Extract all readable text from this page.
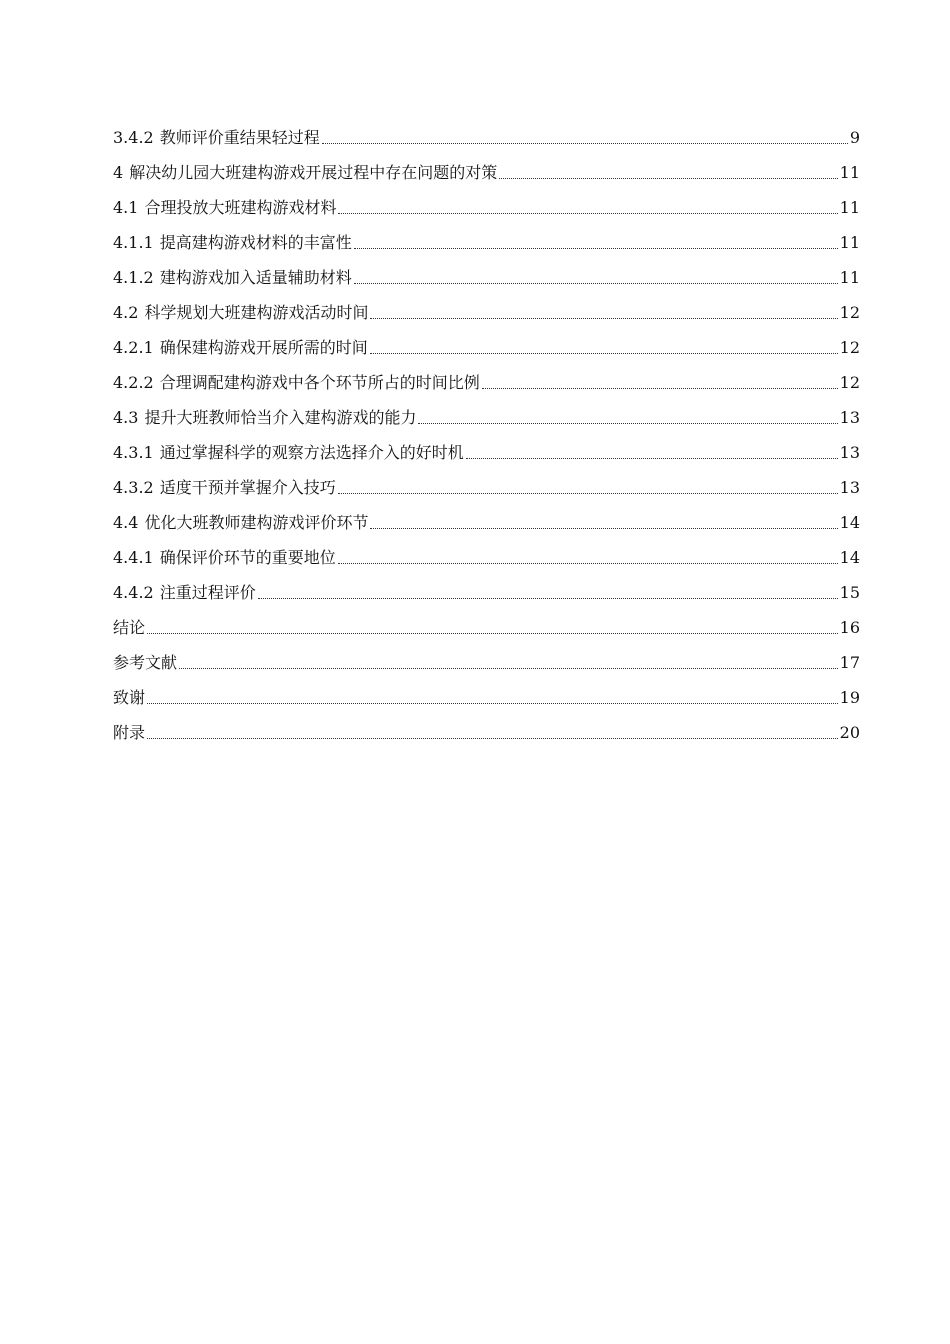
3.4.2 教师评价重结果轻过程	9
4 解决幼儿园大班建构游戏开展过程中存在问题的对策	11
4.1 合理投放大班建构游戏材料	11
4.1.1 提高建构游戏材料的丰富性	11
4.1.2 建构游戏加入适量辅助材料	11
4.2 科学规划大班建构游戏活动时间	12
4.2.1 确保建构游戏开展所需的时间	12
4.2.2 合理调配建构游戏中各个环节所占的时间比例	12
4.3 提升大班教师恰当介入建构游戏的能力	13
4.3.1 通过掌握科学的观察方法选择介入的好时机	13
4.3.2 适度干预并掌握介入技巧	13
4.4 优化大班教师建构游戏评价环节	14
4.4.1 确保评价环节的重要地位	14
4.4.2 注重过程评价	15
结论	16
参考文献	17
致谢	19
附录	20
